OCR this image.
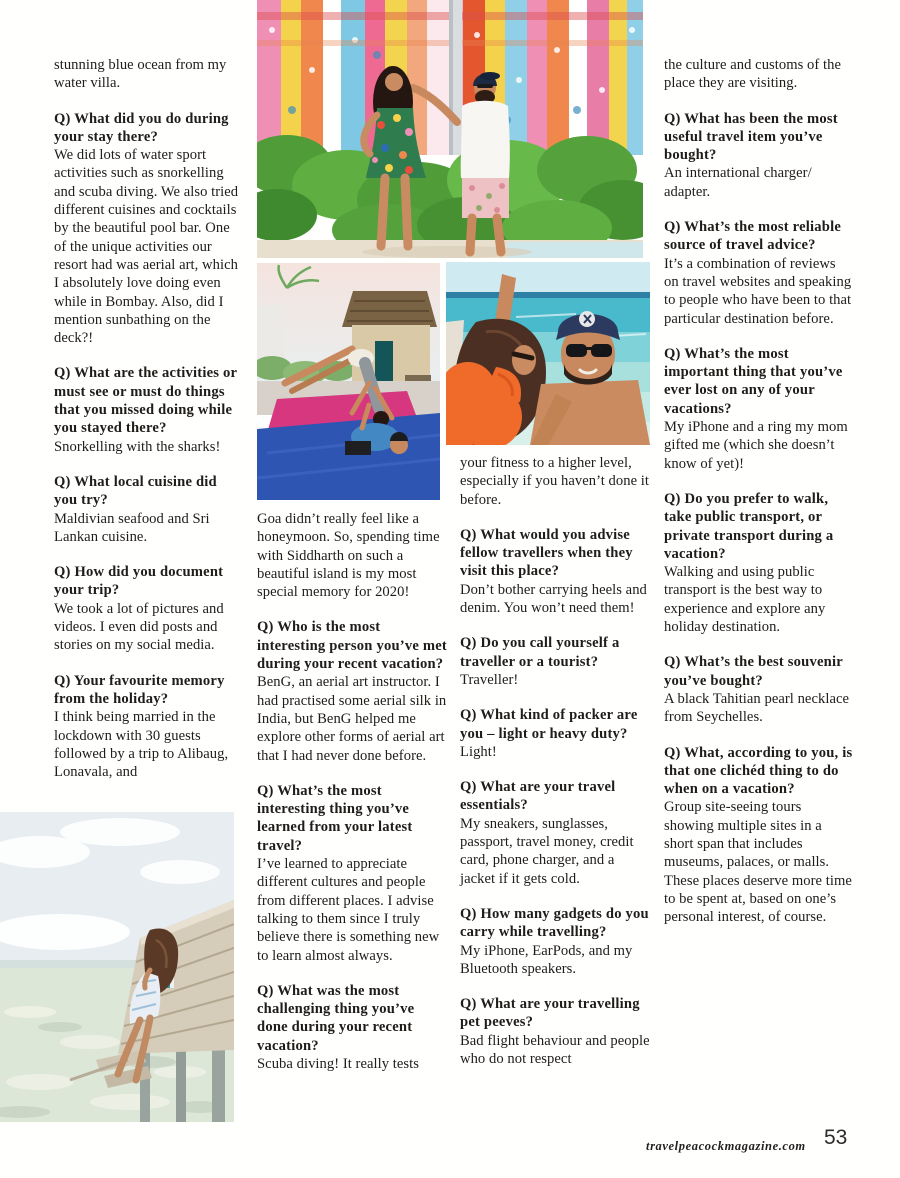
stunning blue ocean from my water villa.

Q) What did you do during your stay there?

We did lots of water sport activities such as snorkelling and scuba diving. We also tried different cuisines and cocktails by the beautiful pool bar. One of the unique activities our resort had was aerial art, which I absolutely love doing even while in Bombay. Also, did I mention sunbathing on the deck?!

Q) What are the activities or must see or must do things that you missed doing while you stayed there?

Snorkelling with the sharks!

Q) What local cuisine did you try?

Maldivian seafood and Sri Lankan cuisine.

Q) How did you document your trip?

We took a lot of pictures and videos. I even did posts and stories on my social media.

Q) Your favourite memory from the holiday?

I think being married in the lockdown with 30 guests followed by a trip to Alibaug, Lonavala, and

Goa didn’t really feel like a honeymoon. So, spending time with Siddharth on such a beautiful island is my most special memory for 2020!

Q) Who is the most interesting person you’ve met during your recent vacation?

BenG, an aerial art instructor. I had practised some aerial silk in India, but BenG helped me explore other forms of aerial art that I had never done before.

Q) What’s the most interesting thing you’ve learned from your latest travel?

I’ve learned to appreciate different cultures and people from different places. I advise talking to them since I truly believe there is something new to learn almost always.

Q) What was the most challenging thing you’ve done during your recent vacation?

Scuba diving! It really tests

your fitness to a higher level, especially if you haven’t done it before.

Q) What would you advise fellow travellers when they visit this place?

Don’t bother carrying heels and denim. You won’t need them!

Q) Do you call yourself a traveller or a tourist?

Traveller!

Q) What kind of packer are you – light or heavy duty?

Light!

Q) What are your travel essentials?

My sneakers, sunglasses, passport, travel money, credit card, phone charger, and a jacket if it gets cold.

Q) How many gadgets do you carry while travelling?

My iPhone, EarPods, and my Bluetooth speakers.

Q) What are your travelling pet peeves?

Bad flight behaviour and people who do not respect

the culture and customs of the place they are visiting.

Q) What has been the most useful travel item you’ve bought?

An international charger/ adapter.

Q) What’s the most reliable source of travel advice?

It’s a combination of reviews on travel websites and speaking to people who have been to that particular destination before.

Q) What’s the most important thing that you’ve ever lost on any of your vacations?

My iPhone and a ring my mom gifted me (which she doesn’t know of yet)!

Q) Do you prefer to walk, take public transport, or private transport during a vacation?

Walking and using public transport is the best way to experience and explore any holiday destination.

Q) What’s the best souvenir you’ve bought?

A black Tahitian pearl necklace from Seychelles.

Q) What, according to you, is that one clichéd thing to do when on a vacation?

Group site-seeing tours showing multiple sites in a short span that includes museums, palaces, or malls. These places deserve more time to be spent at, based on one’s personal interest, of course.

travelpeacockmagazine.com 53
